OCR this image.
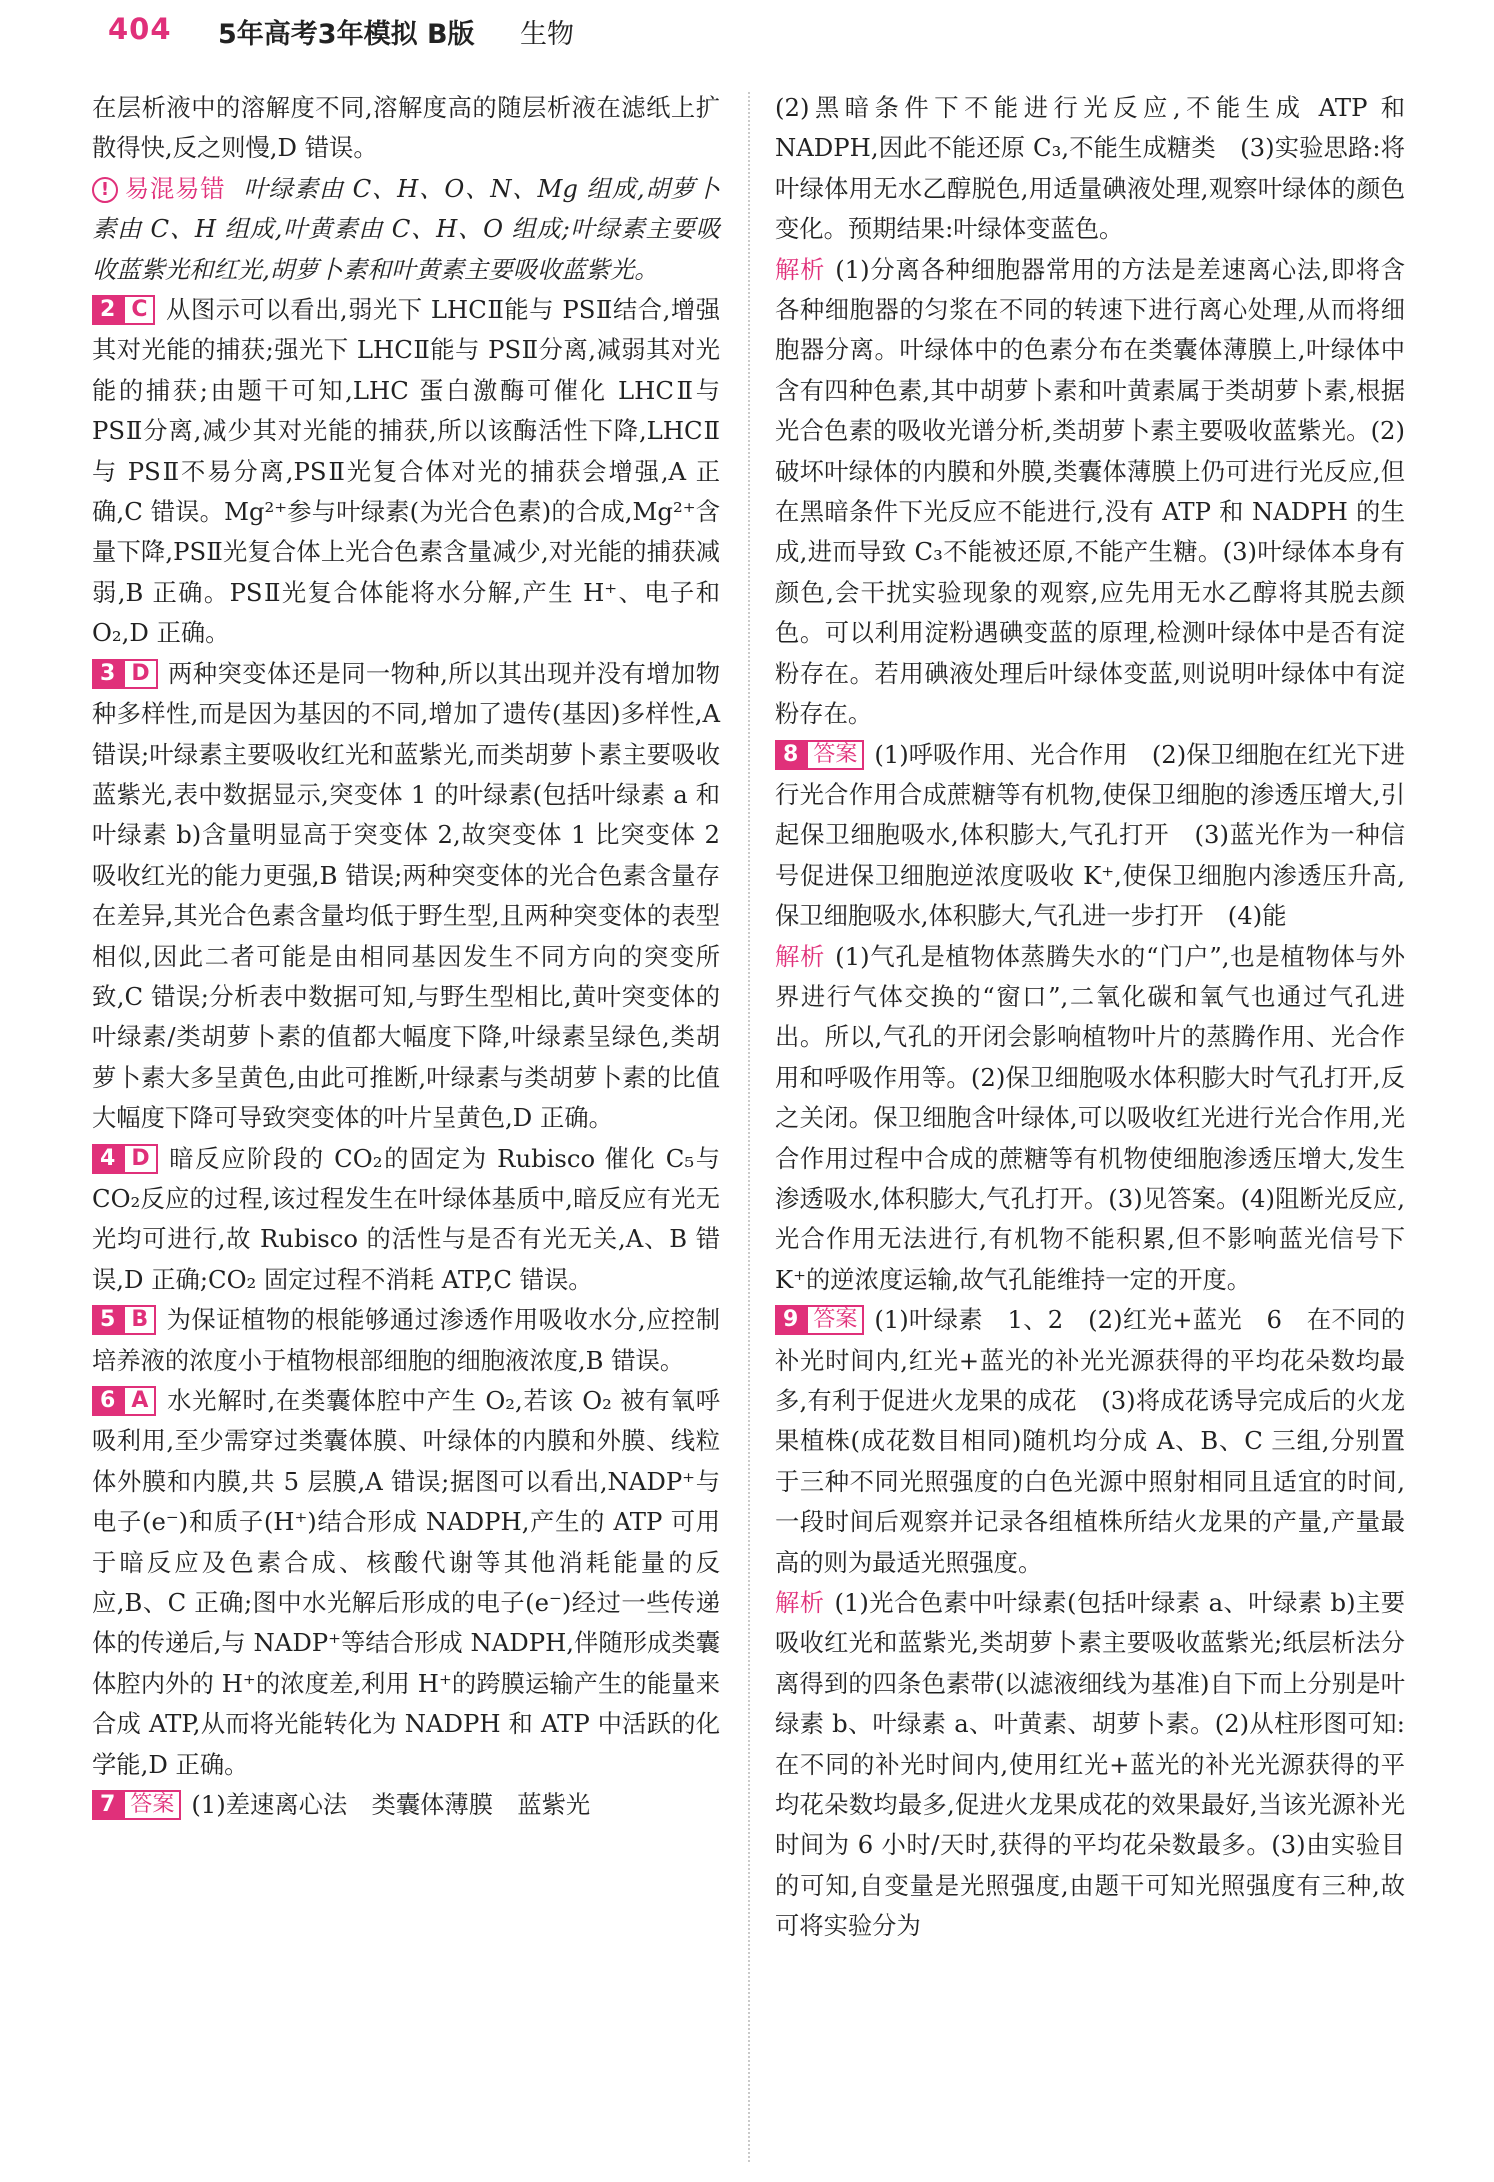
404 5年高考3年模拟 B版 生物

在层析液中的溶解度不同,溶解度高的随层析液在滤纸上扩散得快,反之则慢,D 错误。

! 易混易错 叶绿素由 C、H、O、N、Mg 组成,胡萝卜素由 C、H 组成,叶黄素由 C、H、O 组成;叶绿素主要吸收蓝紫光和红光,胡萝卜素和叶黄素主要吸收蓝紫光。

2 C 从图示可以看出,弱光下 LHCⅡ能与 PSⅡ结合,增强其对光能的捕获;强光下 LHCⅡ能与 PSⅡ分离,减弱其对光能的捕获;由题干可知,LHC 蛋白激酶可催化 LHCⅡ与 PSⅡ分离,减少其对光能的捕获,所以该酶活性下降,LHCⅡ与 PSⅡ不易分离,PSⅡ光复合体对光的捕获会增强,A 正确,C 错误。Mg²⁺参与叶绿素(为光合色素)的合成,Mg²⁺含量下降,PSⅡ光复合体上光合色素含量减少,对光能的捕获减弱,B 正确。PSⅡ光复合体能将水分解,产生 H⁺、电子和 O₂,D 正确。

3 D 两种突变体还是同一物种,所以其出现并没有增加物种多样性,而是因为基因的不同,增加了遗传(基因)多样性,A 错误;叶绿素主要吸收红光和蓝紫光,而类胡萝卜素主要吸收蓝紫光,表中数据显示,突变体 1 的叶绿素(包括叶绿素 a 和叶绿素 b)含量明显高于突变体 2,故突变体 1 比突变体 2 吸收红光的能力更强,B 错误;两种突变体的光合色素含量存在差异,其光合色素含量均低于野生型,且两种突变体的表型相似,因此二者可能是由相同基因发生不同方向的突变所致,C 错误;分析表中数据可知,与野生型相比,黄叶突变体的叶绿素/类胡萝卜素的值都大幅度下降,叶绿素呈绿色,类胡萝卜素大多呈黄色,由此可推断,叶绿素与类胡萝卜素的比值大幅度下降可导致突变体的叶片呈黄色,D 正确。

4 D 暗反应阶段的 CO₂的固定为 Rubisco 催化 C₅与 CO₂反应的过程,该过程发生在叶绿体基质中,暗反应有光无光均可进行,故 Rubisco 的活性与是否有光无关,A、B 错误,D 正确;CO₂ 固定过程不消耗 ATP,C 错误。

5 B 为保证植物的根能够通过渗透作用吸收水分,应控制培养液的浓度小于植物根部细胞的细胞液浓度,B 错误。

6 A 水光解时,在类囊体腔中产生 O₂,若该 O₂ 被有氧呼吸利用,至少需穿过类囊体膜、叶绿体的内膜和外膜、线粒体外膜和内膜,共 5 层膜,A 错误;据图可以看出,NADP⁺与电子(e⁻)和质子(H⁺)结合形成 NADPH,产生的 ATP 可用于暗反应及色素合成、核酸代谢等其他消耗能量的反应,B、C 正确;图中水光解后形成的电子(e⁻)经过一些传递体的传递后,与 NADP⁺等结合形成 NADPH,伴随形成类囊体腔内外的 H⁺的浓度差,利用 H⁺的跨膜运输产生的能量来合成 ATP,从而将光能转化为 NADPH 和 ATP 中活跃的化学能,D 正确。

7 答案 (1)差速离心法　类囊体薄膜　蓝紫光

(2)黑暗条件下不能进行光反应,不能生成 ATP 和 NADPH,因此不能还原 C₃,不能生成糖类　(3)实验思路:将叶绿体用无水乙醇脱色,用适量碘液处理,观察叶绿体的颜色变化。预期结果:叶绿体变蓝色。

解析 (1)分离各种细胞器常用的方法是差速离心法,即将含各种细胞器的匀浆在不同的转速下进行离心处理,从而将细胞器分离。叶绿体中的色素分布在类囊体薄膜上,叶绿体中含有四种色素,其中胡萝卜素和叶黄素属于类胡萝卜素,根据光合色素的吸收光谱分析,类胡萝卜素主要吸收蓝紫光。(2)破坏叶绿体的内膜和外膜,类囊体薄膜上仍可进行光反应,但在黑暗条件下光反应不能进行,没有 ATP 和 NADPH 的生成,进而导致 C₃不能被还原,不能产生糖。(3)叶绿体本身有颜色,会干扰实验现象的观察,应先用无水乙醇将其脱去颜色。可以利用淀粉遇碘变蓝的原理,检测叶绿体中是否有淀粉存在。若用碘液处理后叶绿体变蓝,则说明叶绿体中有淀粉存在。

8 答案 (1)呼吸作用、光合作用　(2)保卫细胞在红光下进行光合作用合成蔗糖等有机物,使保卫细胞的渗透压增大,引起保卫细胞吸水,体积膨大,气孔打开　(3)蓝光作为一种信号促进保卫细胞逆浓度吸收 K⁺,使保卫细胞内渗透压升高,保卫细胞吸水,体积膨大,气孔进一步打开　(4)能

解析 (1)气孔是植物体蒸腾失水的“门户”,也是植物体与外界进行气体交换的“窗口”,二氧化碳和氧气也通过气孔进出。所以,气孔的开闭会影响植物叶片的蒸腾作用、光合作用和呼吸作用等。(2)保卫细胞吸水体积膨大时气孔打开,反之关闭。保卫细胞含叶绿体,可以吸收红光进行光合作用,光合作用过程中合成的蔗糖等有机物使细胞渗透压增大,发生渗透吸水,体积膨大,气孔打开。(3)见答案。(4)阻断光反应,光合作用无法进行,有机物不能积累,但不影响蓝光信号下 K⁺的逆浓度运输,故气孔能维持一定的开度。

9 答案 (1)叶绿素　1、2　(2)红光+蓝光　6　在不同的补光时间内,红光+蓝光的补光光源获得的平均花朵数均最多,有利于促进火龙果的成花　(3)将成花诱导完成后的火龙果植株(成花数目相同)随机均分成 A、B、C 三组,分别置于三种不同光照强度的白色光源中照射相同且适宜的时间,一段时间后观察并记录各组植株所结火龙果的产量,产量最高的则为最适光照强度。

解析 (1)光合色素中叶绿素(包括叶绿素 a、叶绿素 b)主要吸收红光和蓝紫光,类胡萝卜素主要吸收蓝紫光;纸层析法分离得到的四条色素带(以滤液细线为基准)自下而上分别是叶绿素 b、叶绿素 a、叶黄素、胡萝卜素。(2)从柱形图可知:在不同的补光时间内,使用红光+蓝光的补光光源获得的平均花朵数均最多,促进火龙果成花的效果最好,当该光源补光时间为 6 小时/天时,获得的平均花朵数最多。(3)由实验目的可知,自变量是光照强度,由题干可知光照强度有三种,故可将实验分为
